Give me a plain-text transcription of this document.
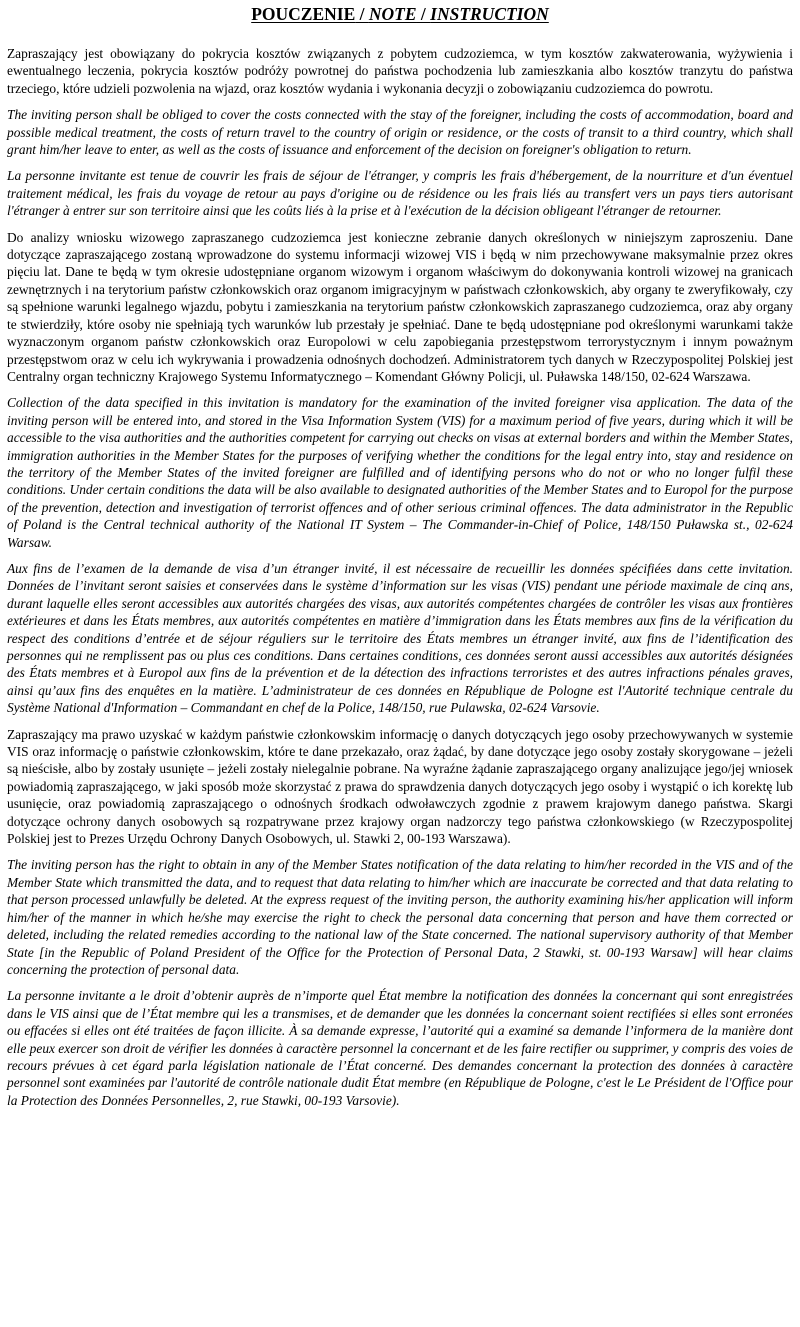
POUCZENIE / NOTE / INSTRUCTION

Zapraszający jest obowiązany do pokrycia kosztów związanych z pobytem cudzoziemca, w tym kosztów zakwaterowania, wyżywienia i ewentualnego leczenia, pokrycia kosztów podróży powrotnej do państwa pochodzenia lub zamieszkania albo kosztów tranzytu do państwa trzeciego, które udzieli pozwolenia na wjazd, oraz kosztów wydania i wykonania decyzji o zobowiązaniu cudzoziemca do powrotu.

The inviting person shall be obliged to cover the costs connected with the stay of the foreigner, including the costs of accommodation, board and possible medical treatment, the costs of return travel to the country of origin or residence, or the costs of transit to a third country, which shall grant him/her leave to enter, as well as the costs of issuance and enforcement of the decision on foreigner's obligation to return.

La personne invitante est tenue de couvrir les frais de séjour de l'étranger, y compris les frais d'hébergement, de la nourriture et d'un éventuel traitement médical, les frais du voyage de retour au pays d'origine ou de résidence ou les frais liés au transfert vers un pays tiers autorisant l'étranger à entrer sur son territoire ainsi que les coûts liés à la prise et à l'exécution de la décision obligeant l'étranger de retourner.

Do analizy wniosku wizowego zapraszanego cudzoziemca jest konieczne zebranie danych określonych w niniejszym zaproszeniu. Dane dotyczące zapraszającego zostaną wprowadzone do systemu informacji wizowej VIS i będą w nim przechowywane maksymalnie przez okres pięciu lat. Dane te będą w tym okresie udostępniane organom wizowym i organom właściwym do dokonywania kontroli wizowej na granicach zewnętrznych i na terytorium państw członkowskich oraz organom imigracyjnym w państwach członkowskich, aby organy te zweryfikowały, czy są spełnione warunki legalnego wjazdu, pobytu i zamieszkania na terytorium państw członkowskich zapraszanego cudzoziemca, oraz aby organy te stwierdziły, które osoby nie spełniają tych warunków lub przestały je spełniać. Dane te będą udostępniane pod określonymi warunkami także wyznaczonym organom państw członkowskich oraz Europolowi w celu zapobiegania przestępstwom terrorystycznym i innym poważnym przestępstwom oraz w celu ich wykrywania i prowadzenia odnośnych dochodzeń. Administratorem tych danych w Rzeczypospolitej Polskiej jest Centralny organ techniczny Krajowego Systemu Informatycznego – Komendant Główny Policji, ul. Puławska 148/150, 02-624 Warszawa.

Collection of the data specified in this invitation is mandatory for the examination of the invited foreigner visa application. The data of the inviting person will be entered into, and stored in the Visa Information System (VIS) for a maximum period of five years, during which it will be accessible to the visa authorities and the authorities competent for carrying out checks on visas at external borders and within the Member States, immigration authorities in the Member States for the purposes of verifying whether the conditions for the legal entry into, stay and residence on the territory of the Member States of the invited foreigner are fulfilled and of identifying persons who do not or who no longer fulfil these conditions. Under certain conditions the data will be also available to designated authorities of the Member States and to Europol for the purpose of the prevention, detection and investigation of terrorist offences and of other serious criminal offences. The data administrator in the Republic of Poland is the Central technical authority of the National IT System – The Commander-in-Chief of Police, 148/150 Puławska st., 02-624 Warsaw.

Aux fins de l’examen de la demande de visa d’un étranger invité, il est nécessaire de recueillir les données spécifiées dans cette invitation. Données de l’invitant seront saisies et conservées dans le système d’information sur les visas (VIS) pendant une période maximale de cinq ans, durant laquelle elles seront accessibles aux autorités chargées des visas, aux autorités compétentes chargées de contrôler les visas aux frontières extérieures et dans les États membres, aux autorités compétentes en matière d’immigration dans les États membres aux fins de la vérification du respect des conditions d’entrée et de séjour réguliers sur le territoire des États membres un étranger invité, aux fins de l’identification des personnes qui ne remplissent pas ou plus ces conditions. Dans certaines conditions, ces données seront aussi accessibles aux autorités désignées des États membres et à Europol aux fins de la prévention et de la détection des infractions terroristes et des autres infractions pénales graves, ainsi qu’aux fins des enquêtes en la matière. L’administrateur de ces données en République de Pologne est l'Autorité technique centrale du Système National d'Information – Commandant en chef de la Police, 148/150, rue Pulawska, 02-624 Varsovie.

Zapraszający ma prawo uzyskać w każdym państwie członkowskim informację o danych dotyczących jego osoby przechowywanych w systemie VIS oraz informację o państwie członkowskim, które te dane przekazało, oraz żądać, by dane dotyczące jego osoby zostały skorygowane – jeżeli są nieścisłe, albo by zostały usunięte – jeżeli zostały nielegalnie pobrane. Na wyraźne żądanie zapraszającego organy analizujące jego/jej wniosek powiadomią zapraszającego, w jaki sposób może skorzystać z prawa do sprawdzenia danych dotyczących jego osoby i wystąpić o ich korektę lub usunięcie, oraz powiadomią zapraszającego o odnośnych środkach odwoławczych zgodnie z prawem krajowym danego państwa. Skargi dotyczące ochrony danych osobowych są rozpatrywane przez krajowy organ nadzorczy tego państwa członkowskiego (w Rzeczypospolitej Polskiej jest to Prezes Urzędu Ochrony Danych Osobowych, ul. Stawki 2, 00-193 Warszawa).

The inviting person has the right to obtain in any of the Member States notification of the data relating to him/her recorded in the VIS and of the Member State which transmitted the data, and to request that data relating to him/her which are inaccurate be corrected and that data relating to that person processed unlawfully be deleted. At the express request of the inviting person, the authority examining his/her application will inform him/her of the manner in which he/she may exercise the right to check the personal data concerning that person and have them corrected or deleted, including the related remedies according to the national law of the State concerned. The national supervisory authority of that Member State [in the Republic of Poland President of the Office for the Protection of Personal Data, 2 Stawki, st. 00-193 Warsaw] will hear claims concerning the protection of personal data.

La personne invitante a le droit d’obtenir auprès de n’importe quel État membre la notification des données la concernant qui sont enregistrées dans le VIS ainsi que de l’État membre qui les a transmises, et de demander que les données la concernant soient rectifiées si elles sont erronées ou effacées si elles ont été traitées de façon illicite. À sa demande expresse, l’autorité qui a examiné sa demande l’informera de la manière dont elle peux exercer son droit de vérifier les données à caractère personnel la concernant et de les faire rectifier ou supprimer, y compris des voies de recours prévues à cet égard parla législation nationale de l’État concerné. Des demandes concernant la protection des données à caractère personnel sont examinées par l'autorité de contrôle nationale dudit État membre (en République de Pologne, c'est le Le Président de l'Office pour la Protection des Données Personnelles, 2, rue Stawki, 00-193 Varsovie).
